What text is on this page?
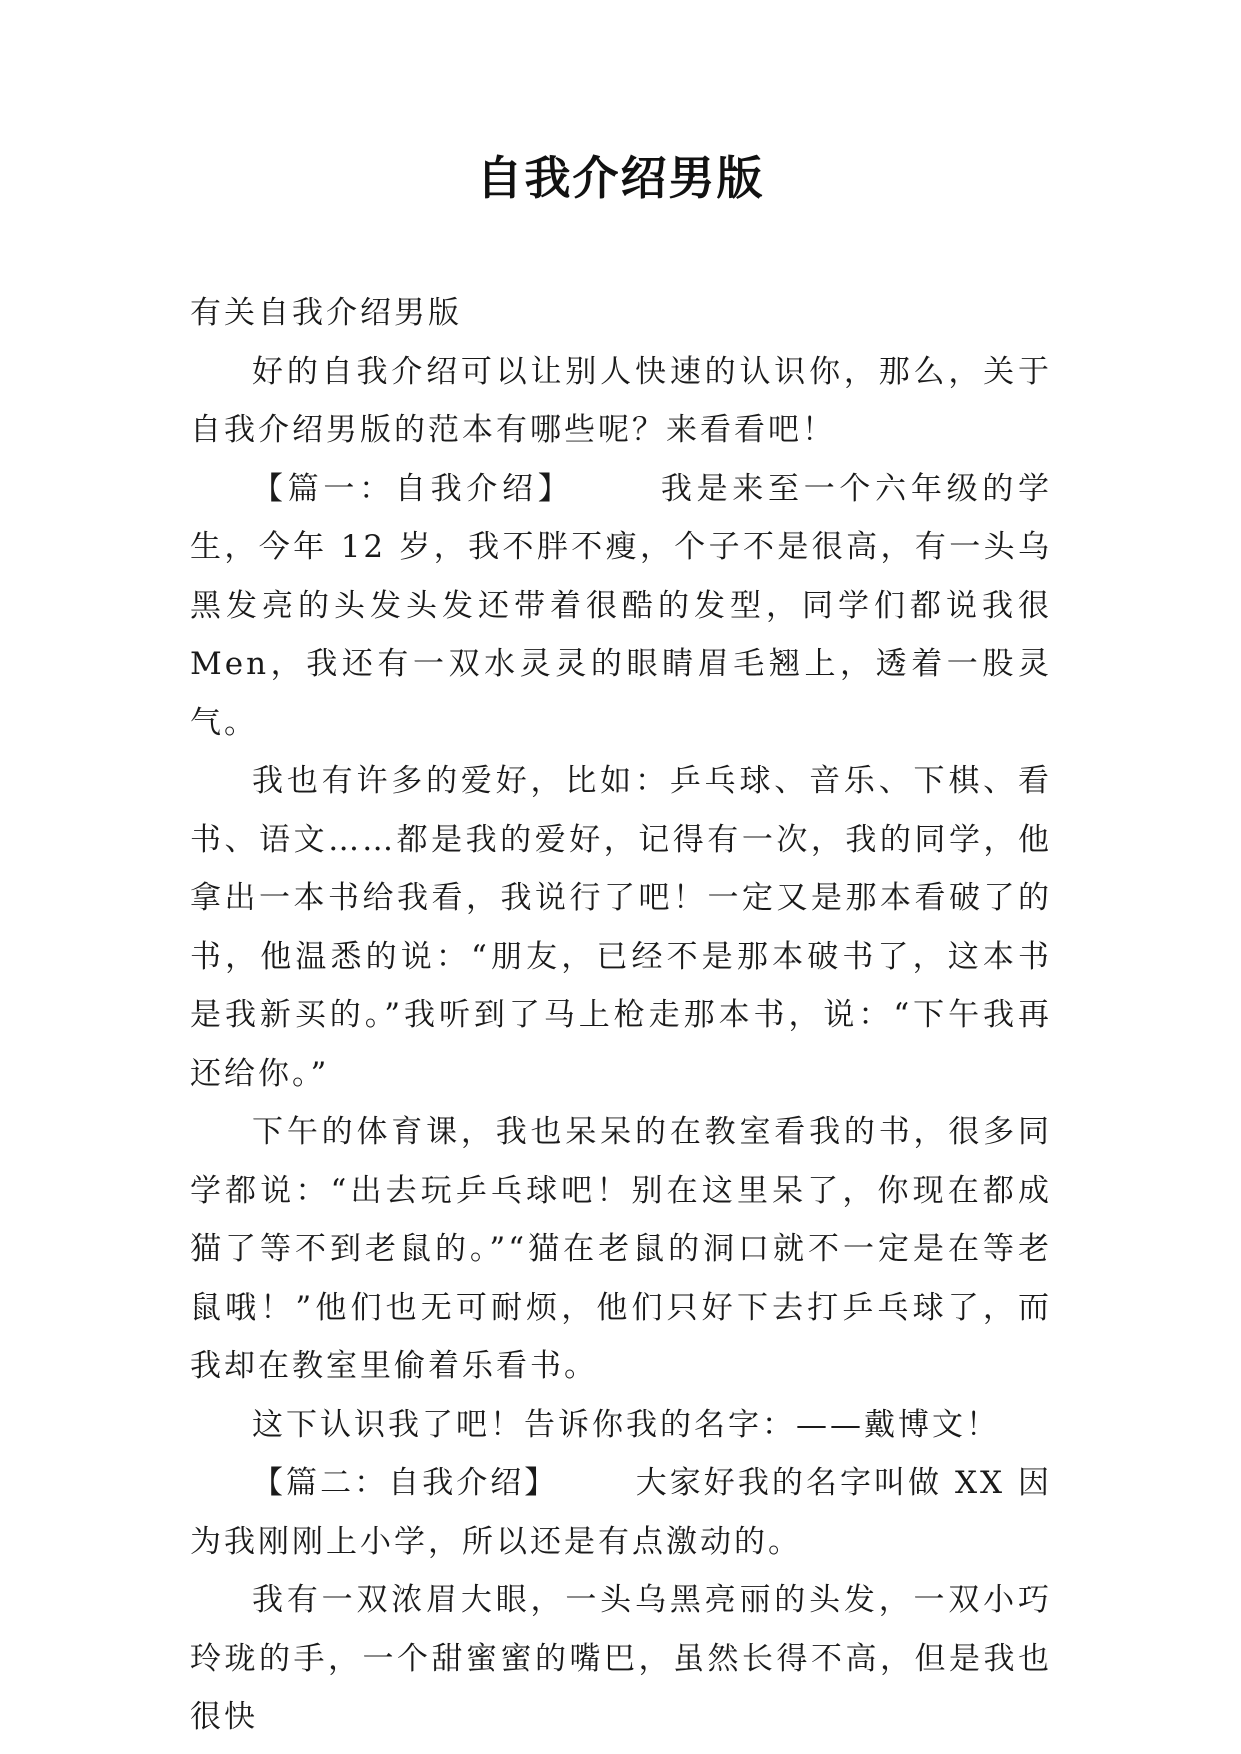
自我介绍男版

有关自我介绍男版

好的自我介绍可以让别人快速的认识你，那么，关于自我介绍男版的范本有哪些呢？来看看吧！

【篇一：自我介绍】	我是来至一个六年级的学生，今年 12 岁，我不胖不瘦，个子不是很高，有一头乌黑发亮的头发头发还带着很酷的发型，同学们都说我很 Men，我还有一双水灵灵的眼睛眉毛翘上，透着一股灵气。

我也有许多的爱好，比如：乒乓球、音乐、下棋、看书、语文……都是我的爱好，记得有一次，我的同学，他拿出一本书给我看，我说行了吧！一定又是那本看破了的书，他温悉的说：“朋友，已经不是那本破书了，这本书是我新买的。”我听到了马上枪走那本书，说：“下午我再还给你。”

下午的体育课，我也呆呆的在教室看我的书，很多同学都说：“出去玩乒乓球吧！别在这里呆了，你现在都成猫了等不到老鼠的。”“猫在老鼠的洞口就不一定是在等老鼠哦！”他们也无可耐烦，他们只好下去打乒乓球了，而我却在教室里偷着乐看书。

这下认识我了吧！告诉你我的名字：——戴博文！

【篇二：自我介绍】 大家好我的名字叫做 XX 因为我刚刚上小学，所以还是有点激动的。

我有一双浓眉大眼，一头乌黑亮丽的头发，一双小巧玲珑的手，一个甜蜜蜜的嘴巴，虽然长得不高，但是我也很快
